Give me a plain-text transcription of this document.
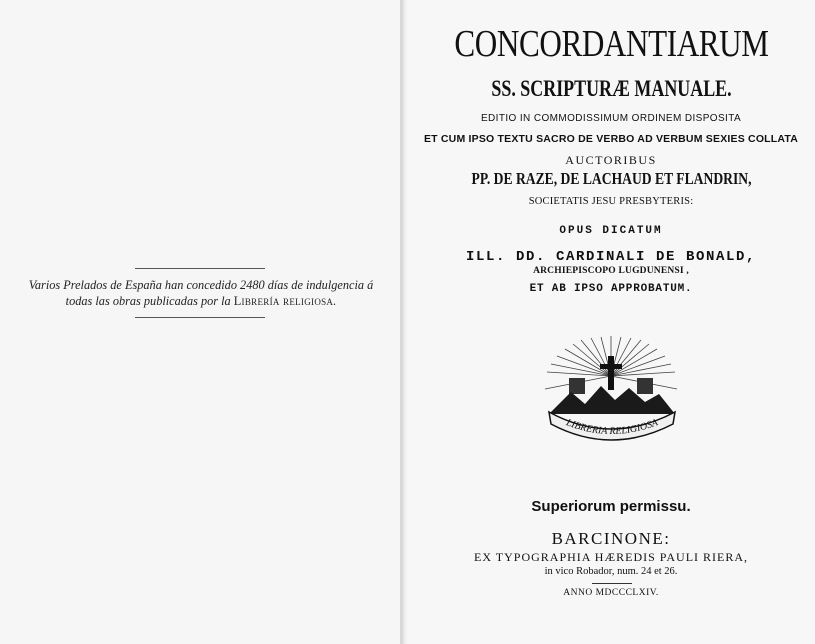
Varios Prelados de España han concedido 2480 días de indulgencia á
todas las obras publicadas por la Librería religiosa.
CONCORDANTIARUM
SS. SCRIPTURÆ MANUALE.
EDITIO IN COMMODISSIMUM ORDINEM DISPOSITA
ET CUM IPSO TEXTU SACRO DE VERBO AD VERBUM SEXIES COLLATA
AUCTORIBUS
PP. DE RAZE, DE LACHAUD ET FLANDRIN,
SOCIETATIS JESU PRESBYTERIS:
OPUS DICATUM
ILL. DD. CARDINALI DE BONALD,
ARCHIEPISCOPO LUGDUNENSI ,
ET AB IPSO APPROBATUM.
LIBRERIA RELIGIOSA
Superiorum permissu.
BARCINONE:
EX TYPOGRAPHIA HÆREDIS PAULI RIERA,
in vico Robador, num. 24 et 26.
ANNO MDCCCLXIV.
